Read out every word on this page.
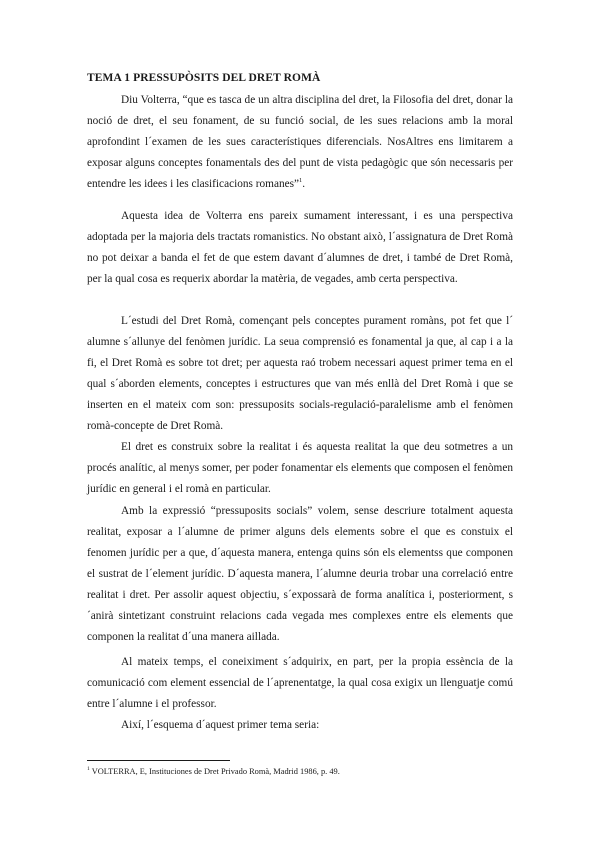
TEMA 1 PRESSUPÒSITS DEL DRET ROMÀ

Diu Volterra, “que es tasca de un altra disciplina del dret, la Filosofia del dret, donar la noció de dret, el seu fonament, de su funció social, de les sues relacions amb la moral aprofondint l´examen de les sues característiques diferencials. NosAltres ens limitarem a exposar alguns conceptes fonamentals des del punt de vista pedagògic que són necessaris per entendre les idees i les clasificacions romanes”$^1$.

Aquesta idea de Volterra ens pareix sumament interessant, i es una perspectiva adoptada per la majoria dels tractats romanistics. No obstant això, l´assignatura de Dret Romà no pot deixar a banda el fet de que estem davant d´alumnes de dret, i també de Dret Romà, per la qual cosa es requerix abordar la matèria, de vegades, amb certa perspectiva.

L´estudi del Dret Romà, començant pels conceptes purament romàns, pot fet que l´ alumne s´allunye del fenòmen jurídic. La seua comprensió es fonamental ja que, al cap i a la fi, el Dret Romà es sobre tot dret; per aquesta raó trobem necessari aquest primer tema en el qual s´aborden elements, conceptes i estructures que van més enllà del Dret Romà i que se inserten en el mateix com son: pressuposits socials-regulació-paralelisme amb el fenòmen romà-concepte de Dret Romà.

El dret es construix sobre la realitat i és aquesta realitat la que deu sotmetres a un procés analític, al menys somer, per poder fonamentar els elements que composen el fenòmen jurídic en general i el romà en particular.

Amb la expressió “pressuposits socials” volem, sense descriure totalment aquesta realitat, exposar a l´alumne de primer alguns dels elements sobre el que es constuix el fenomen jurídic per a que, d´aquesta manera, entenga quins són els elementss que componen el sustrat de l´element jurídic. D´aquesta manera, l´alumne deuria trobar una correlació entre realitat i dret. Per assolir aquest objectiu, s´expossarà de forma analítica i, posteriorment, s´anirà sintetizant construint relacions cada vegada mes complexes entre els elements que componen la realitat d´una manera aillada.

Al mateix temps, el coneiximent s´adquirix, en part, per la propia essència de la comunicació com element essencial de l´aprenentatge, la qual cosa exigix un llenguatje comú entre l´alumne i el professor.

Així, l´esquema d´aquest primer tema seria:

$^1$ VOLTERRA, E, Instituciones de Dret Privado Romà, Madrid 1986, p. 49.
